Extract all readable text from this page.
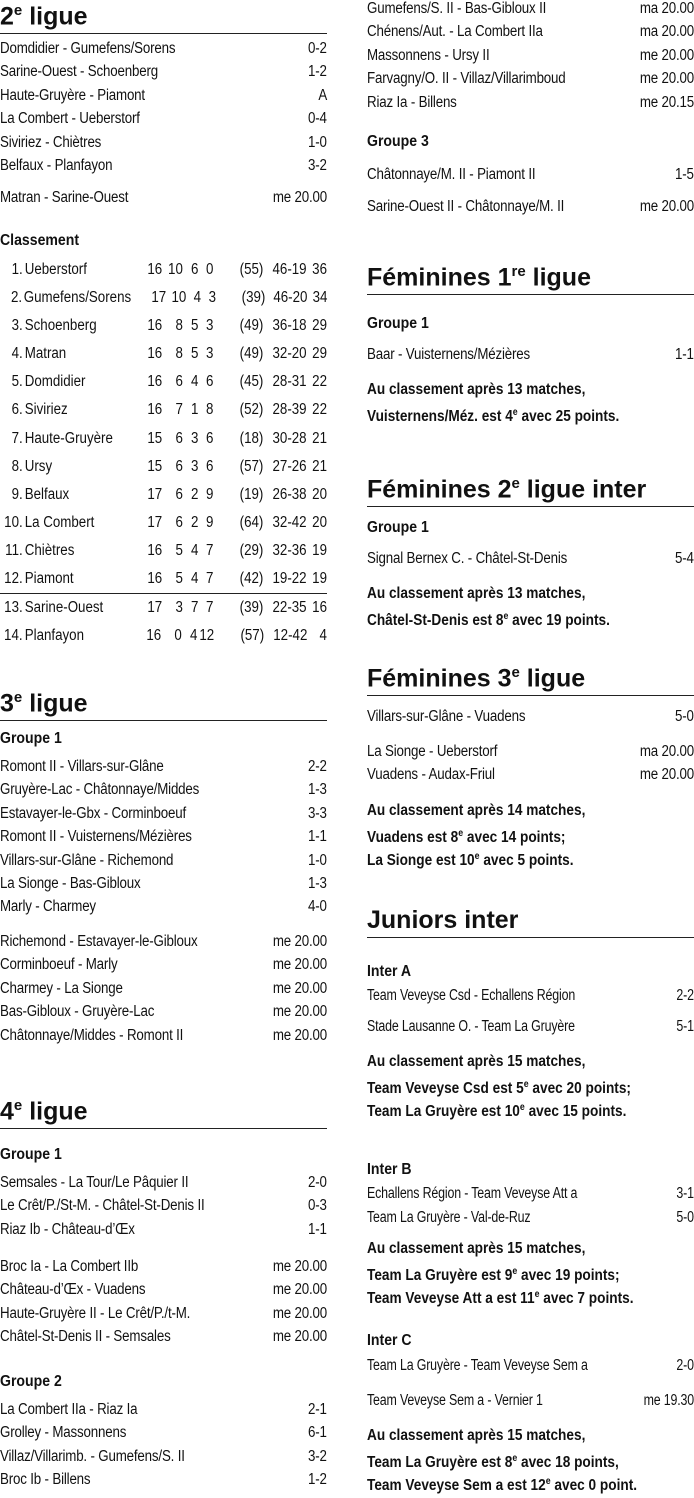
2e ligue
Domdidier - Gumefens/Sorens	0-2
Sarine-Ouest - Schoenberg	1-2
Haute-Gruyère - Piamont	A
La Combert - Ueberstorf	0-4
Siviriez - Chiètres	1-0
Belfaux - Planfayon	3-2
Matran - Sarine-Ouest	me 20.00
Classement
1. Ueberstorf	16 10 6 0	(55) 46-19 36
2. Gumefens/Sorens 17 10 4 3	(39) 46-20 34
3. Schoenberg	16 8 5 3	(49) 36-18 29
4. Matran	16 8 5 3	(49) 32-20 29
5. Domdidier	16 6 4 6	(45) 28-31 22
6. Siviriez	16 7 1 8	(52) 28-39 22
7. Haute-Gruyère	15 6 3 6	(18) 30-28 21
8. Ursy	15 6 3 6	(57) 27-26 21
9. Belfaux	17 6 2 9	(19) 26-38 20
10. La Combert	17 6 2 9	(64) 32-42 20
11. Chiètres	16 5 4 7	(29) 32-36 19
12. Piamont	16 5 4 7	(42) 19-22 19
13. Sarine-Ouest	17 3 7 7	(39) 22-35 16
14. Planfayon	16 0 4 12	(57) 12-42 4
3e ligue
Groupe 1
Romont II - Villars-sur-Glâne	2-2
Gruyère-Lac - Châtonnaye/Middes	1-3
Estavayer-le-Gbx - Corminboeuf	3-3
Romont II - Vuisternens/Mézières	1-1
Villars-sur-Glâne - Richemond	1-0
La Sionge - Bas-Gibloux	1-3
Marly - Charmey	4-0
Richemond - Estavayer-le-Gibloux	me 20.00
Corminboeuf - Marly	me 20.00
Charmey - La Sionge	me 20.00
Bas-Gibloux - Gruyère-Lac	me 20.00
Châtonnaye/Middes - Romont II	me 20.00
4e ligue
Groupe 1
Semsales - La Tour/Le Pâquier II	2-0
Le Crêt/P./St-M. - Châtel-St-Denis II	0-3
Riaz Ib - Château-d’Œx	1-1
Broc Ia - La Combert IIb	me 20.00
Château-d’Œx - Vuadens	me 20.00
Haute-Gruyère II - Le Crêt/P./t-M.	me 20.00
Châtel-St-Denis II - Semsales	me 20.00
Groupe 2
La Combert IIa - Riaz Ia	2-1
Grolley - Massonnens	6-1
Villaz/Villarimb. - Gumefens/S. II	3-2
Broc Ib - Billens	1-2
Gumefens/S. II - Bas-Gibloux II	ma 20.00
Chénens/Aut. - La Combert IIa	ma 20.00
Massonnens - Ursy II	me 20.00
Farvagny/O. II - Villaz/Villarimboud	me 20.00
Riaz Ia - Billens	me 20.15
Groupe 3
Châtonnaye/M. II - Piamont II	1-5
Sarine-Ouest II - Châtonnaye/M. II	me 20.00
Féminines 1re ligue
Groupe 1
Baar - Vuisternens/Mézières	1-1
Au classement après 13 matches,
Vuisternens/Méz. est 4e avec 25 points.
Féminines 2e ligue inter
Groupe 1
Signal Bernex C. - Châtel-St-Denis	5-4
Au classement après 13 matches,
Châtel-St-Denis est 8e avec 19 points.
Féminines 3e ligue
Villars-sur-Glâne - Vuadens	5-0
La Sionge - Ueberstorf	ma 20.00
Vuadens - Audax-Friul	me 20.00
Au classement après 14 matches,
Vuadens est 8e avec 14 points;
La Sionge est 10e avec 5 points.
Juniors inter
Inter A
Team Veveyse Csd - Echallens Région	2-2
Stade Lausanne O. - Team La Gruyère	5-1
Au classement après 15 matches,
Team Veveyse Csd est 5e avec 20 points;
Team La Gruyère est 10e avec 15 points.
Inter B
Echallens Région - Team Veveyse Att a	3-1
Team La Gruyère - Val-de-Ruz	5-0
Au classement après 15 matches,
Team La Gruyère est 9e avec 19 points;
Team Veveyse Att a est 11e avec 7 points.
Inter C
Team La Gruyère - Team Veveyse Sem a	2-0
Team Veveyse Sem a - Vernier 1	me 19.30
Au classement après 15 matches,
Team La Gruyère est 8e avec 18 points,
Team Veveyse Sem a est 12e avec 0 point.
